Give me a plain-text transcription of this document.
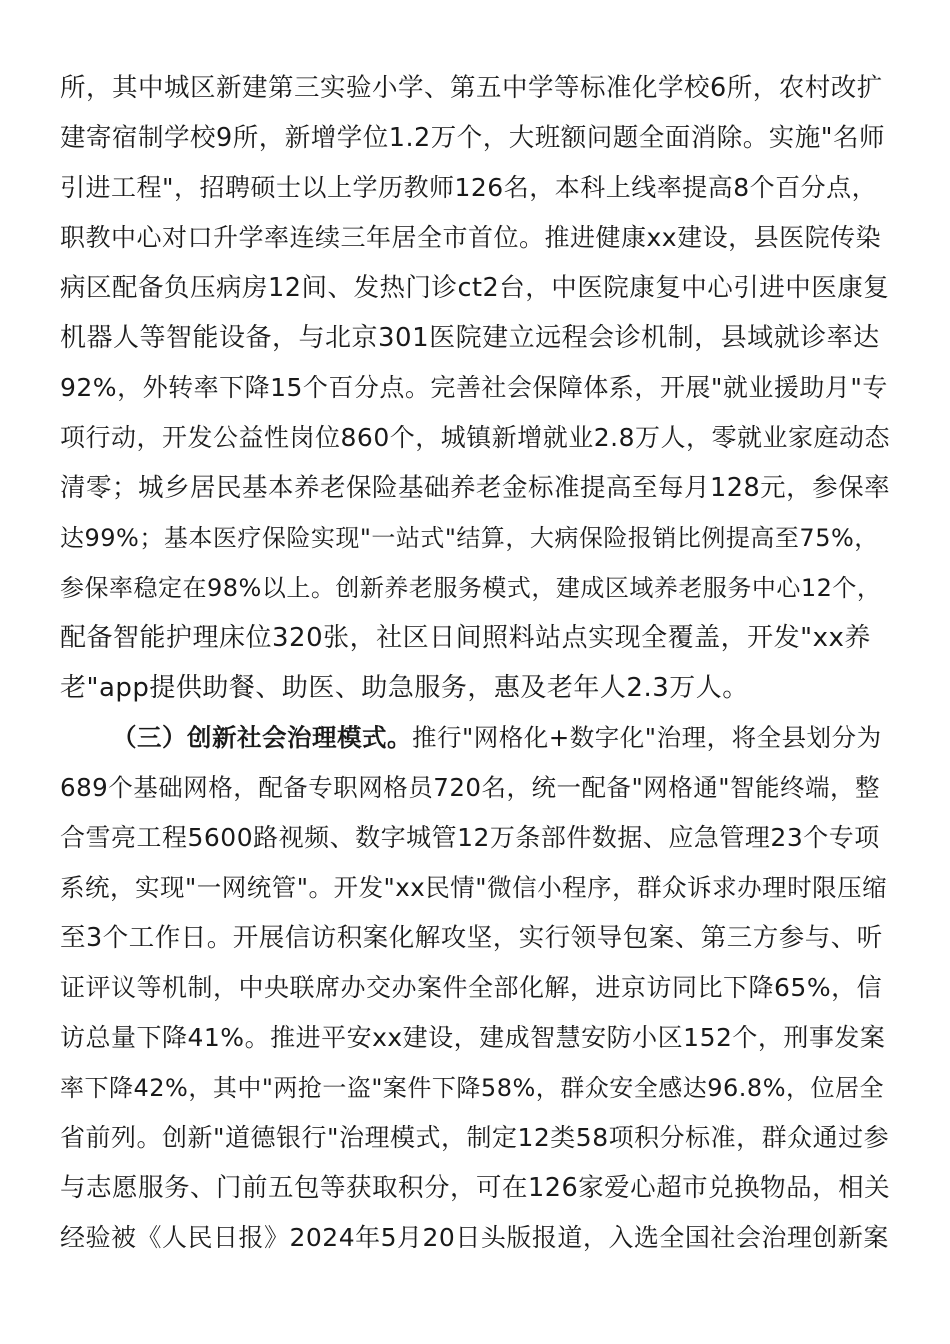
所，其中城区新建第三实验小学、第五中学等标准化学校6所，农村改扩
建寄宿制学校9所，新增学位1.2万个，大班额问题全面消除。实施"名师
引进工程"，招聘硕士以上学历教师126名，本科上线率提高8个百分点，
职教中心对口升学率连续三年居全市首位。推进健康xx建设，县医院传染
病区配备负压病房12间、发热门诊ct2台，中医院康复中心引进中医康复
机器人等智能设备，与北京301医院建立远程会诊机制，县域就诊率达
92%，外转率下降15个百分点。完善社会保障体系，开展"就业援助月"专
项行动，开发公益性岗位860个，城镇新增就业2.8万人，零就业家庭动态
清零；城乡居民基本养老保险基础养老金标准提高至每月128元，参保率
达99%；基本医疗保险实现"一站式"结算，大病保险报销比例提高至75%，
参保率稳定在98%以上。创新养老服务模式，建成区域养老服务中心12个，
配备智能护理床位320张，社区日间照料站点实现全覆盖，开发"xx养
老"app提供助餐、助医、助急服务，惠及老年人2.3万人。
（三）创新社会治理模式。推行"网格化+数字化"治理，将全县划分为
689个基础网格，配备专职网格员720名，统一配备"网格通"智能终端，整
合雪亮工程5600路视频、数字城管12万条部件数据、应急管理23个专项
系统，实现"一网统管"。开发"xx民情"微信小程序，群众诉求办理时限压缩
至3个工作日。开展信访积案化解攻坚，实行领导包案、第三方参与、听
证评议等机制，中央联席办交办案件全部化解，进京访同比下降65%，信
访总量下降41%。推进平安xx建设，建成智慧安防小区152个，刑事发案
率下降42%，其中"两抢一盗"案件下降58%，群众安全感达96.8%，位居全
省前列。创新"道德银行"治理模式，制定12类58项积分标准，群众通过参
与志愿服务、门前五包等获取积分，可在126家爱心超市兑换物品，相关
经验被《人民日报》2024年5月20日头版报道，入选全国社会治理创新案
